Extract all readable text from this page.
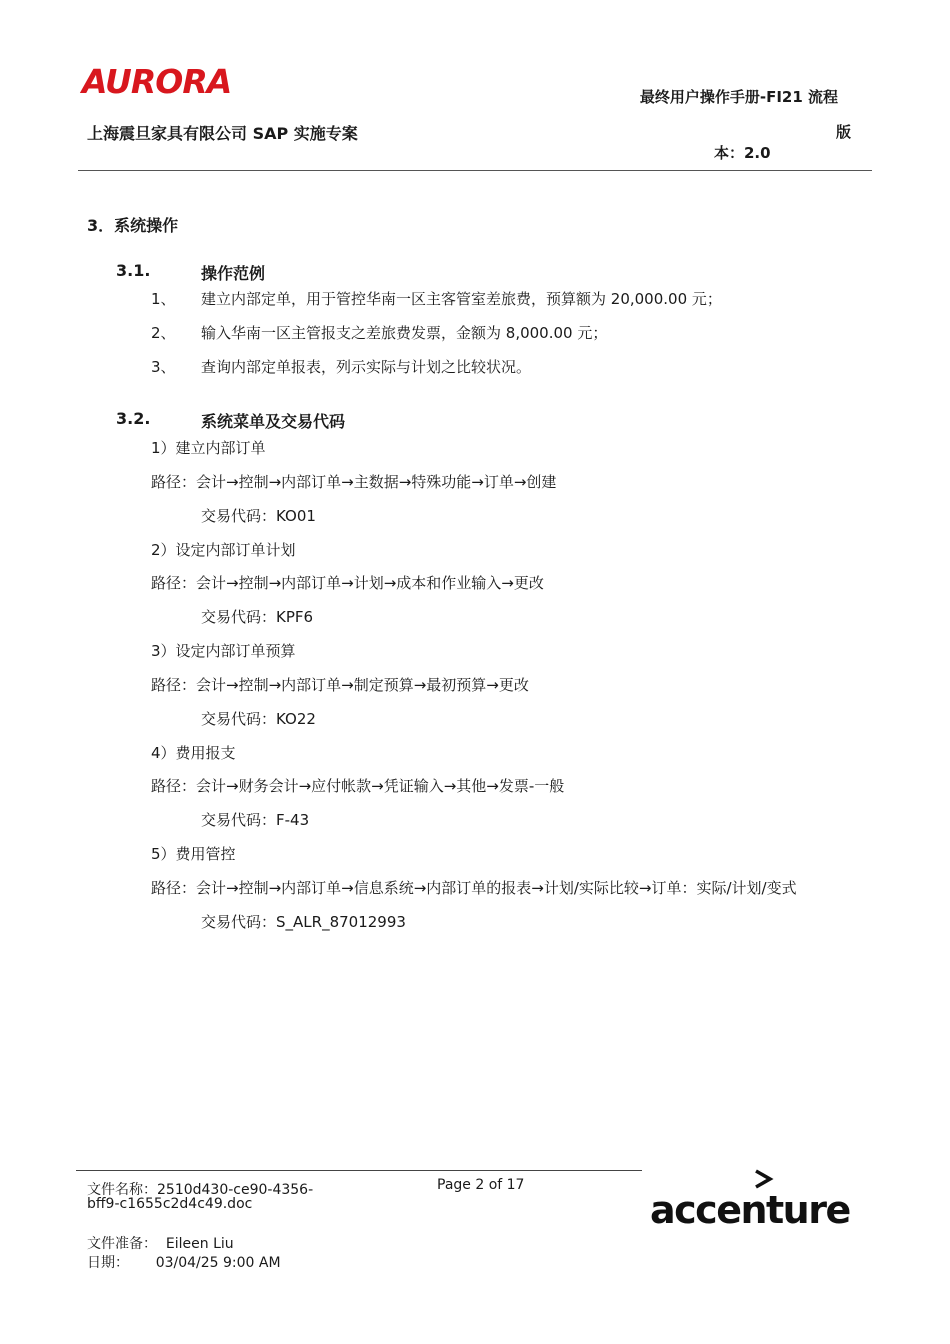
AURORA	最终用户操作手册-FI21 流程
上海震旦家具有限公司 SAP 实施专案	版
本：2.0
3．系统操作
3.1.	操作范例
1、 建立内部定单，用于管控华南一区主客管室差旅费，预算额为 20,000.00 元；
2、 输入华南一区主管报支之差旅费发票，金额为 8,000.00 元；
3、 查询内部定单报表，列示实际与计划之比较状况。
3.2.	系统菜单及交易代码
1）建立内部订单
路径：会计→控制→内部订单→主数据→特殊功能→订单→创建
交易代码：KO01
2）设定内部订单计划
路径：会计→控制→内部订单→计划→成本和作业输入→更改
交易代码：KPF6
3）设定内部订单预算
路径：会计→控制→内部订单→制定预算→最初预算→更改
交易代码：KO22
4）费用报支
路径：会计→财务会计→应付帐款→凭证输入→其他→发票-一般
交易代码：F-43
5）费用管控
路径：会计→控制→内部订单→信息系统→内部订单的报表→计划/实际比较→订单：实际/计划/变式
交易代码：S_ALR_87012993
文件名称：2510d430-ce90-4356-
bff9-c1655c2d4c49.doc
Page 2 of 17
文件准备：  Eileen Liu
日期：      03/04/25 9:00 AM
accenture
